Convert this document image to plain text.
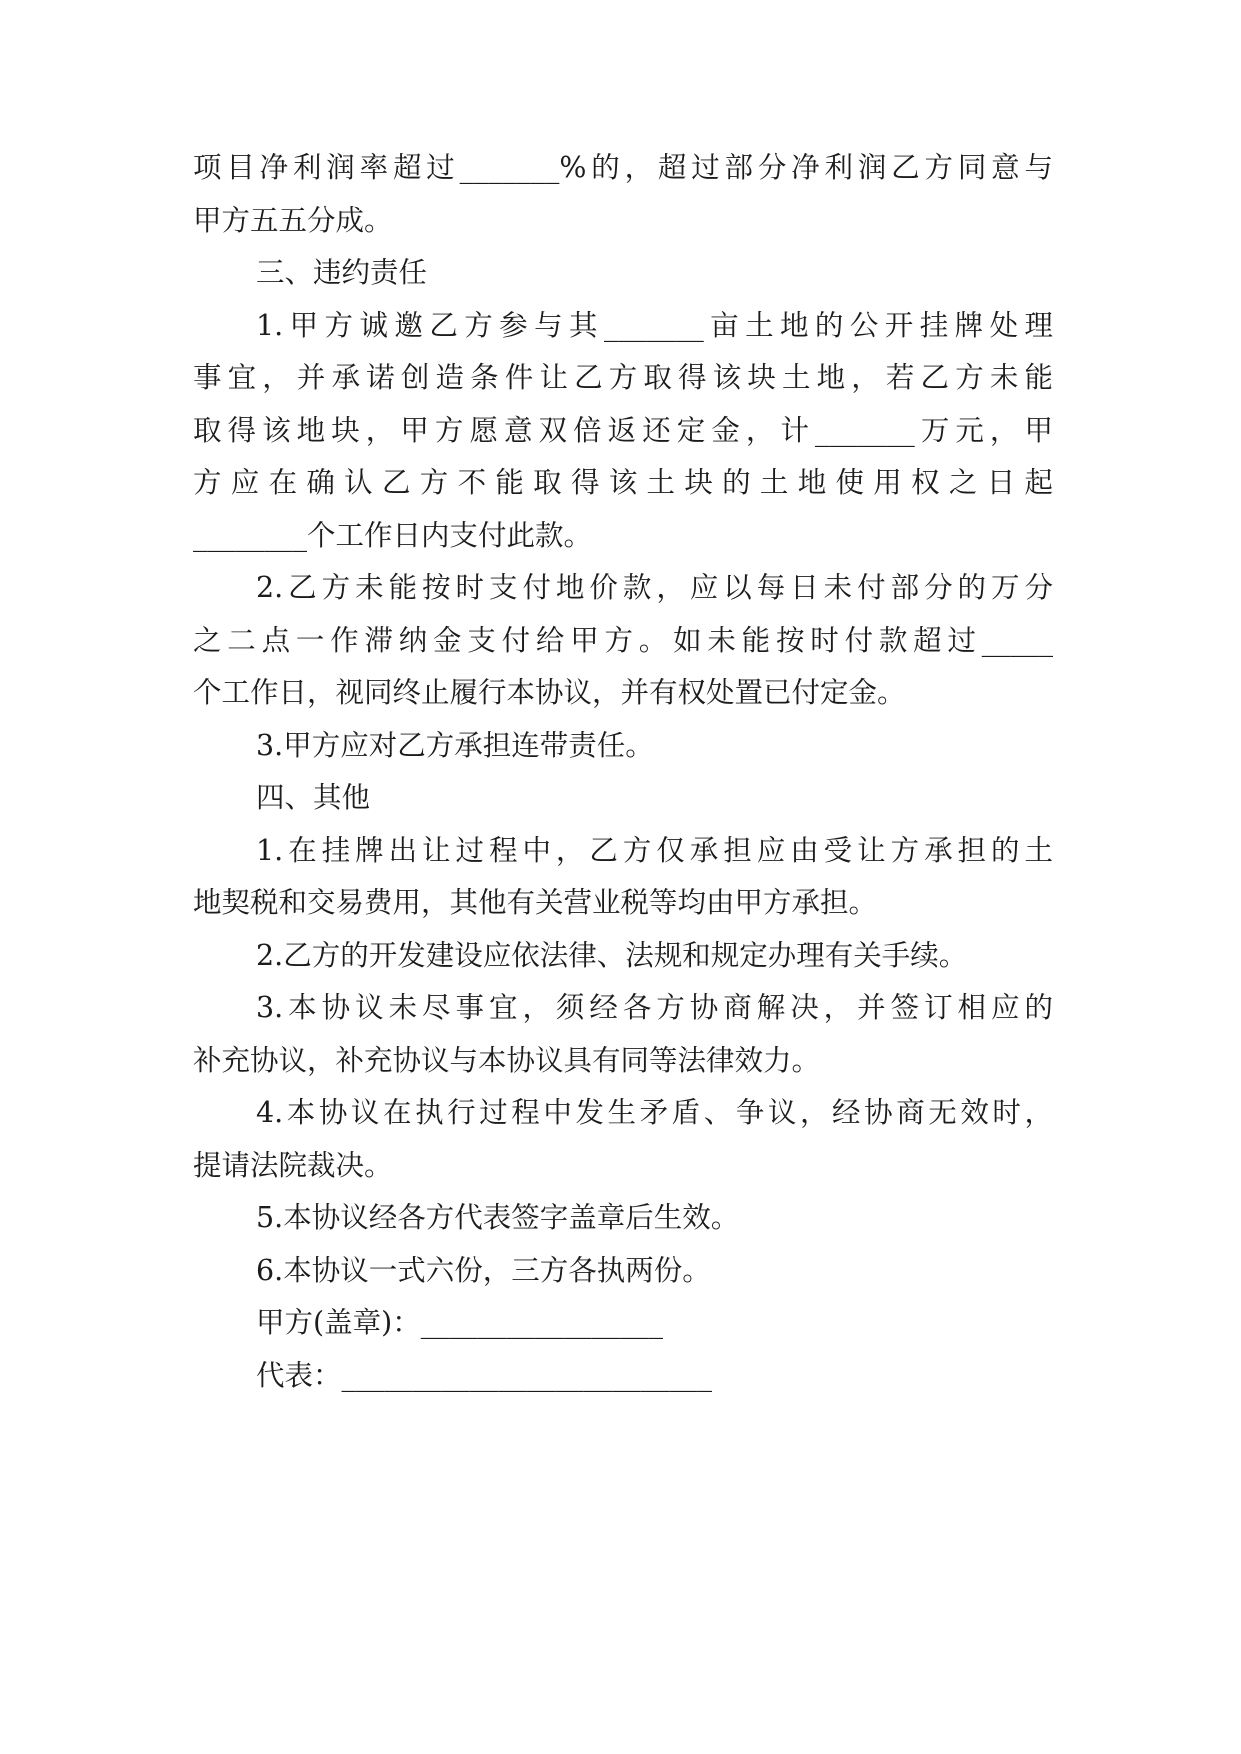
项目净利润率超过_______%的，超过部分净利润乙方同意与
甲方五五分成。
三、违约责任
1.甲方诚邀乙方参与其_______亩土地的公开挂牌处理
事宜，并承诺创造条件让乙方取得该块土地，若乙方未能
取得该地块，甲方愿意双倍返还定金，计_______万元，甲
方应在确认乙方不能取得该土块的土地使用权之日起
________个工作日内支付此款。
2.乙方未能按时支付地价款，应以每日未付部分的万分
之二点一作滞纳金支付给甲方。如未能按时付款超过_____
个工作日，视同终止履行本协议，并有权处置已付定金。
3.甲方应对乙方承担连带责任。
四、其他
1.在挂牌出让过程中，乙方仅承担应由受让方承担的土
地契税和交易费用，其他有关营业税等均由甲方承担。
2.乙方的开发建设应依法律、法规和规定办理有关手续。
3.本协议未尽事宜，须经各方协商解决，并签订相应的
补充协议，补充协议与本协议具有同等法律效力。
4.本协议在执行过程中发生矛盾、争议，经协商无效时，
提请法院裁决。
5.本协议经各方代表签字盖章后生效。
6.本协议一式六份，三方各执两份。
甲方(盖章)：_________________
代表：__________________________
